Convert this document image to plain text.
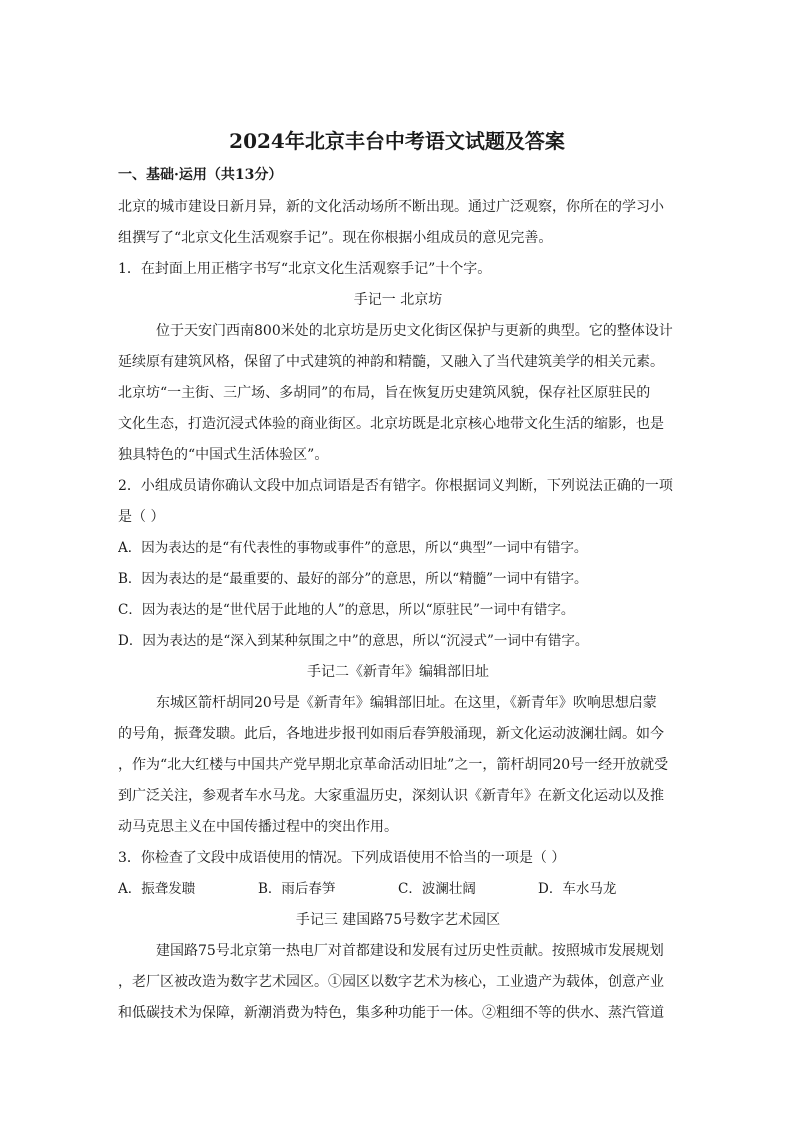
2024年北京丰台中考语文试题及答案
一、基础·运用（共13分）
北京的城市建设日新月异，新的文化活动场所不断出现。通过广泛观察，你所在的学习小
组撰写了“北京文化生活观察手记”。现在你根据小组成员的意见完善。
1．在封面上用正楷字书写“北京文化生活观察手记”十个字。
手记一 北京坊
位于天安门西南800米处的北京坊是历史文化街区保护与更新的典型。它的整体设计
延续原有建筑风格，保留了中式建筑的神韵和精髓，又融入了当代建筑美学的相关元素。
北京坊“一主街、三广场、多胡同”的布局，旨在恢复历史建筑风貌，保存社区原驻民的
文化生态，打造沉浸式体验的商业街区。北京坊既是北京核心地带文化生活的缩影，也是
独具特色的“中国式生活体验区”。
2．小组成员请你确认文段中加点词语是否有错字。你根据词义判断，下列说法正确的一项
是（ ）
A．因为表达的是“有代表性的事物或事件”的意思，所以“典型”一词中有错字。
B．因为表达的是“最重要的、最好的部分”的意思，所以“精髓”一词中有错字。
C．因为表达的是“世代居于此地的人”的意思，所以“原驻民”一词中有错字。
D．因为表达的是“深入到某种氛围之中”的意思，所以“沉浸式”一词中有错字。
手记二《新青年》编辑部旧址
东城区箭杆胡同20号是《新青年》编辑部旧址。在这里，《新青年》吹响思想启蒙
的号角，振聋发聩。此后，各地进步报刊如雨后春笋般涌现，新文化运动波澜壮阔。如今
，作为“北大红楼与中国共产党早期北京革命活动旧址”之一，箭杆胡同20号一经开放就受
到广泛关注，参观者车水马龙。大家重温历史，深刻认识《新青年》在新文化运动以及推
动马克思主义在中国传播过程中的突出作用。
3．你检查了文段中成语使用的情况。下列成语使用不恰当的一项是（ ）
A．振聋发聩	B．雨后春笋	C．波澜壮阔	D．车水马龙
手记三 建国路75号数字艺术园区
建国路75号北京第一热电厂对首都建设和发展有过历史性贡献。按照城市发展规划
，老厂区被改造为数字艺术园区。①园区以数字艺术为核心，工业遗产为载体，创意产业
和低碳技术为保障，新潮消费为特色，集多种功能于一体。②粗细不等的供水、蒸汽管道
